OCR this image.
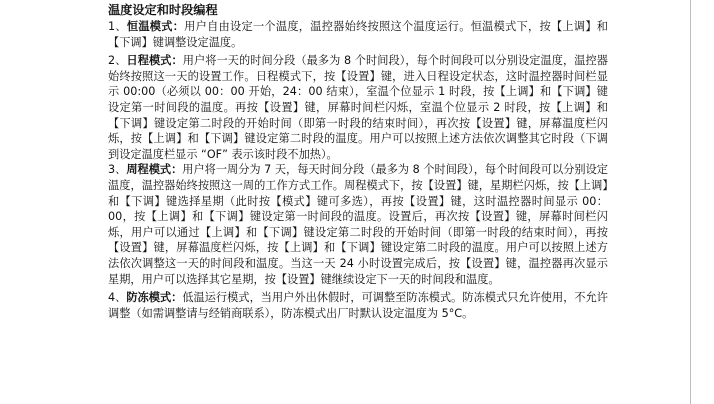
温度设定和时段编程

1、恒温模式：用户自由设定一个温度，温控器始终按照这个温度运行。恒温模式下，按【上调】和【下调】键调整设定温度。

2、日程模式：用户将一天的时间分段（最多为 8 个时间段），每个时间段可以分别设定温度，温控器始终按照这一天的设置工作。日程模式下，按【设置】键，进入日程设定状态，这时温控器时间栏显示 00:00（必须以 00：00 开始，24：00 结束），室温个位显示 1 时段，按【上调】和【下调】键设定第一时间段的温度。再按【设置】键，屏幕时间栏闪烁，室温个位显示 2 时段，按【上调】和【下调】键设定第二时段的开始时间（即第一时段的结束时间），再次按【设置】键，屏幕温度栏闪烁，按【上调】和【下调】键设定第二时段的温度。用户可以按照上述方法依次调整其它时段（下调到设定温度栏显示 “OF” 表示该时段不加热）。

3、周程模式：用户将一周分为 7 天，每天时间分段（最多为 8 个时间段），每个时间段可以分别设定温度，温控器始终按照这一周的工作方式工作。周程模式下，按【设置】键，星期栏闪烁，按【上调】和【下调】键选择星期（此时按【模式】键可多选），再按【设置】键，这时温控器时间显示 00：00，按【上调】和【下调】键设定第一时间段的温度。设置后，再次按【设置】键，屏幕时间栏闪烁，用户可以通过【上调】和【下调】键设定第二时段的开始时间（即第一时段的结束时间），再按【设置】键，屏幕温度栏闪烁，按【上调】和【下调】键设定第二时段的温度。用户可以按照上述方法依次调整这一天的时间段和温度。当这一天 24 小时设置完成后，按【设置】键，温控器再次显示星期，用户可以选择其它星期，按【设置】键继续设定下一天的时间段和温度。

4、防冻模式：低温运行模式，当用户外出休假时，可调整至防冻模式。防冻模式只允许使用，不允许调整（如需调整请与经销商联系），防冻模式出厂时默认设定温度为 5°C。
